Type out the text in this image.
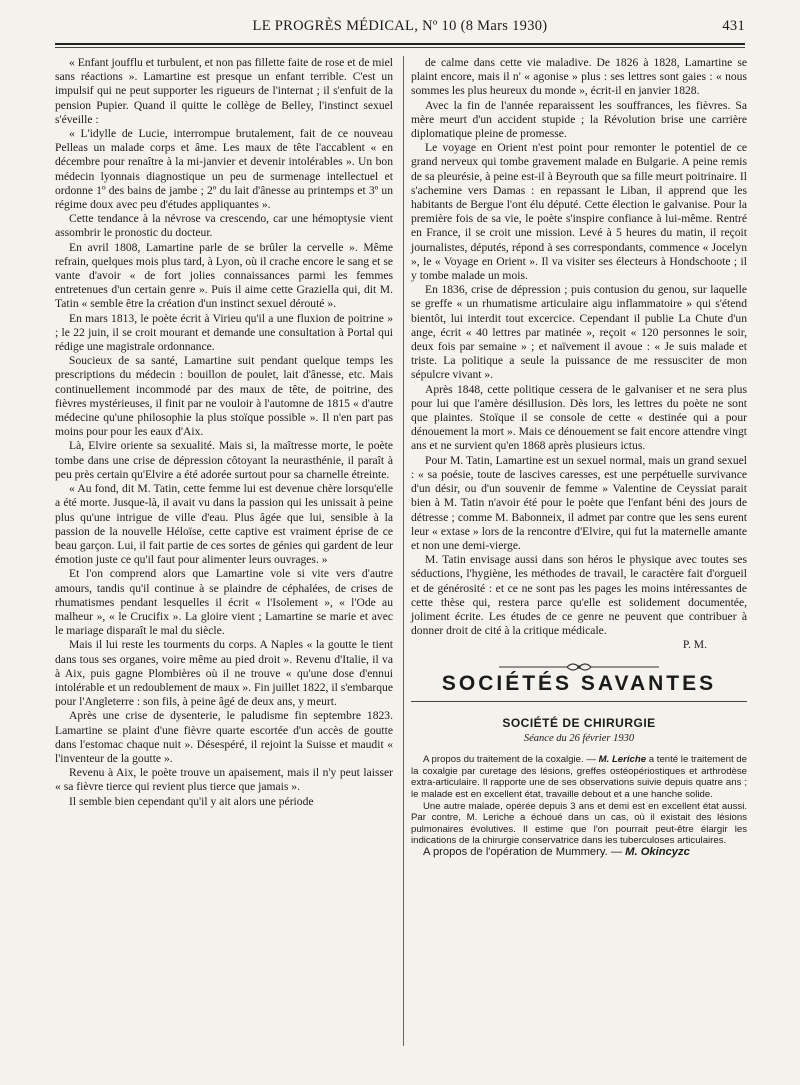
LE PROGRÈS MÉDICAL, Nº 10 (8 Mars 1930)	431

« Enfant joufflu et turbulent, et non pas fillette faite de rose et de miel sans réactions ». Lamartine est presque un enfant terrible. C'est un impulsif qui ne peut supporter les rigueurs de l'internat ; il s'enfuit de la pension Pupier. Quand il quitte le collège de Belley, l'instinct sexuel s'éveille :

« L'idylle de Lucie, interrompue brutalement, fait de ce nouveau Pelleas un malade corps et âme. Les maux de tête l'accablent « en décembre pour renaître à la mi-janvier et devenir intolérables ». Un bon médecin lyonnais diagnostique un peu de surmenage intellectuel et ordonne 1º des bains de jambe ; 2º du lait d'ânesse au printemps et 3º un régime doux avec peu d'études appliquantes ».

Cette tendance à la névrose va crescendo, car une hémoptysie vient assombrir le pronostic du docteur.

En avril 1808, Lamartine parle de se brûler la cervelle ». Même refrain, quelques mois plus tard, à Lyon, où il crache encore le sang et se vante d'avoir « de fort jolies connaissances parmi les femmes entretenues d'un certain genre ». Puis il aime cette Graziella qui, dit M. Tatin « semble être la création d'un instinct sexuel dérouté ».

En mars 1813, le poète écrit à Virieu qu'il a une fluxion de poitrine » ; le 22 juin, il se croit mourant et demande une consultation à Portal qui rédige une magistrale ordonnance.

Soucieux de sa santé, Lamartine suit pendant quelque temps les prescriptions du médecin : bouillon de poulet, lait d'ânesse, etc. Mais continuellement incommodé par des maux de tête, de poitrine, des fièvres mystérieuses, il finit par ne vouloir à l'automne de 1815 « d'autre médecine qu'une philosophie la plus stoïque possible ». Il n'en part pas moins pour pour les eaux d'Aix.

Là, Elvire oriente sa sexualité. Mais si, la maîtresse morte, le poète tombe dans une crise de dépression côtoyant la neurasthénie, il paraît à peu près certain qu'Elvire a été adorée surtout pour sa charnelle étreinte.

« Au fond, dit M. Tatin, cette femme lui est devenue chère lorsqu'elle a été morte. Jusque-là, il avait vu dans la passion qui les unissait à peine plus qu'une intrigue de ville d'eau. Plus âgée que lui, sensible à la passion de la nouvelle Héloïse, cette captive est vraiment éprise de ce beau garçon. Lui, il fait partie de ces sortes de génies qui gardent de leur émotion juste ce qu'il faut pour alimenter leurs ouvrages. »

Et l'on comprend alors que Lamartine vole si vite vers d'autre amours, tandis qu'il continue à se plaindre de céphalées, de crises de rhumatismes pendant lesquelles il écrit « l'Isolement », « l'Ode au malheur », « le Crucifix ». La gloire vient ; Lamartine se marie et avec le mariage disparaît le mal du siècle.

Mais il lui reste les tourments du corps. A Naples « la goutte le tient dans tous ses organes, voire même au pied droit ». Revenu d'Italie, il va à Aix, puis gagne Plombières où il ne trouve « qu'une dose d'ennui intolérable et un redoublement de maux ». Fin juillet 1822, il s'embarque pour l'Angleterre : son fils, à peine âgé de deux ans, y meurt.

Après une crise de dysenterie, le paludisme fin septembre 1823. Lamartine se plaint d'une fièvre quarte escortée d'un accès de goutte dans l'estomac chaque nuit ». Désespéré, il rejoint la Suisse et maudit « l'inventeur de la goutte ».

Revenu à Aix, le poète trouve un apaisement, mais il n'y peut laisser « sa fièvre tierce qui revient plus tierce que jamais ».

Il semble bien cependant qu'il y ait alors une période

de calme dans cette vie maladive. De 1826 à 1828, Lamartine se plaint encore, mais il n' « agonise » plus : ses lettres sont gaies : « nous sommes les plus heureux du monde », écrit-il en janvier 1828.

Avec la fin de l'année reparaissent les souffrances, les fièvres. Sa mère meurt d'un accident stupide ; la Révolution brise une carrière diplomatique pleine de promesse.

Le voyage en Orient n'est point pour remonter le potentiel de ce grand nerveux qui tombe gravement malade en Bulgarie. A peine remis de sa pleurésie, à peine est-il à Beyrouth que sa fille meurt poitrinaire. Il s'achemine vers Damas : en repassant le Liban, il apprend que les habitants de Bergue l'ont élu député. Cette élection le galvanise. Pour la première fois de sa vie, le poète s'inspire confiance à lui-même. Rentré en France, il se croit une mission. Levé à 5 heures du matin, il reçoit journalistes, députés, répond à ses correspondants, commence « Jocelyn », le « Voyage en Orient ». Il va visiter ses électeurs à Hondschoote ; il y tombe malade un mois.

En 1836, crise de dépression ; puis contusion du genou, sur laquelle se greffe « un rhumatisme articulaire aigu inflammatoire » qui s'étend bientôt, lui interdit tout excercice. Cependant il publie La Chute d'un ange, écrit « 40 lettres par matinée », reçoit « 120 personnes le soir, deux fois par semaine » ; et naïvement il avoue : « Je suis malade et triste. La politique a seule la puissance de me ressusciter de mon sépulcre vivant ».

Après 1848, cette politique cessera de le galvaniser et ne sera plus pour lui que l'amère désillusion. Dès lors, les lettres du poète ne sont que plaintes. Stoïque il se console de cette « destinée qui a pour dénouement la mort ». Mais ce dénouement se fait encore attendre vingt ans et ne survient qu'en 1868 après plusieurs ictus.

Pour M. Tatin, Lamartine est un sexuel normal, mais un grand sexuel : « sa poésie, toute de lascives caresses, est une perpétuelle survivance d'un désir, ou d'un souvenir de femme » Valentine de Ceyssiat parait bien à M. Tatin n'avoir été pour le poète que l'enfant béni des jours de détresse ; comme M. Babonneix, il admet par contre que les sens eurent leur « extase » lors de la rencontre d'Elvire, qui fut la maternelle amante et non une demi-vierge.

M. Tatin envisage aussi dans son héros le physique avec toutes ses séductions, l'hygiène, les méthodes de travail, le caractère fait d'orgueil et de générosité : et ce ne sont pas les pages les moins intéressantes de cette thèse qui, restera parce qu'elle est solidement documentée, joliment écrite. Les études de ce genre ne peuvent que contribuer à donner droit de cité à la critique médicale.

P. M.

SOCIÉTÉS SAVANTES
SOCIÉTÉ DE CHIRURGIE
Séance du 26 février 1930

A propos du traitement de la coxalgie. — M. Leriche a tenté le traitement de la coxalgie par curetage des lésions, greffes ostéopériostiques et arthrodèse extra-articulaire. Il rapporte une de ses observations suivie depuis quatre ans ; le malade est en excellent état, travaille debout et a une hanche solide.

Une autre malade, opérée depuis 3 ans et demi est en excellent état aussi. Par contre, M. Leriche a échoué dans un cas, où il existait des lésions pulmonaires évolutives. Il estime que l'on pourrait peut-être élargir les indications de la chirurgie conservatrice dans les tuberculoses articulaires.

A propos de l'opération de Mummery. — M. Okincyzc
